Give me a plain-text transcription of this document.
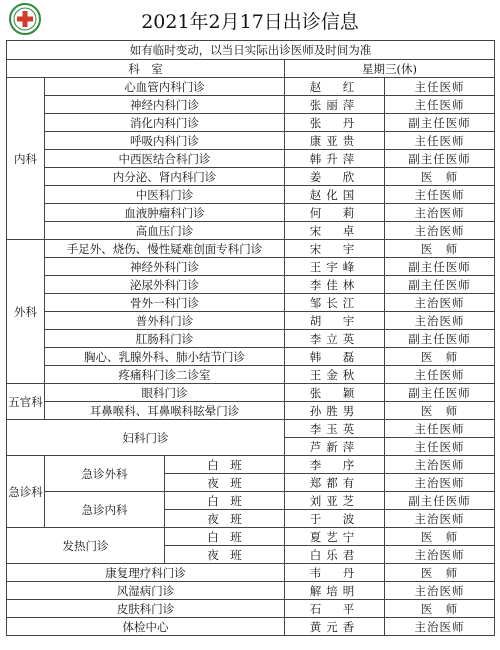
2021年2月17日出诊信息
如有临时变动，以当日实际出诊医师及时间为准				
科　室			星期三(休)	
内科	心血管内科门诊		赵　红	主任医师
	神经内科门诊		张丽萍	主任医师
	消化内科门诊		张　丹	副主任医师
	呼吸内科门诊		康亚贵	主任医师
	中西医结合科门诊		韩升萍	副主任医师
	内分泌、肾内科门诊		姜　欣	医　师
	中医科门诊		赵化国	主任医师
	血液肿瘤科门诊		何　莉	主治医师
	高血压门诊		宋　卓	主治医师
外科	手足外、烧伤、慢性疑难创面专科门诊		宋　宇	医　师
	神经外科门诊		王宇峰	副主任医师
	泌尿外科门诊		李佳林	副主任医师
	骨外一科门诊		邹长江	主治医师
	普外科门诊		胡　宇	主治医师
	肛肠科门诊		李立英	副主任医师
	胸心、乳腺外科、肺小结节门诊		韩　磊	医　师
	疼痛科门诊二诊室		王金秋	主任医师
五官科	眼科门诊		张　颖	副主任医师
	耳鼻喉科、耳鼻喉科眩晕门诊		孙胜男	医　师
妇科门诊			李玉英	主任医师
			芦新萍	主任医师
急诊科	急诊外科	白　班	李　序	主治医师
		夜　班	郑都有	主治医师
	急诊内科	白　班	刘亚芝	副主任医师
		夜　班	于　波	主治医师
发热门诊		白　班	夏艺宁	医　师
		夜　班	白乐君	主治医师
康复理疗科门诊			韦　丹	医　师
风湿病门诊			解培明	主治医师
皮肤科门诊			石　平	医　师
体检中心			黄元香	主治医师
